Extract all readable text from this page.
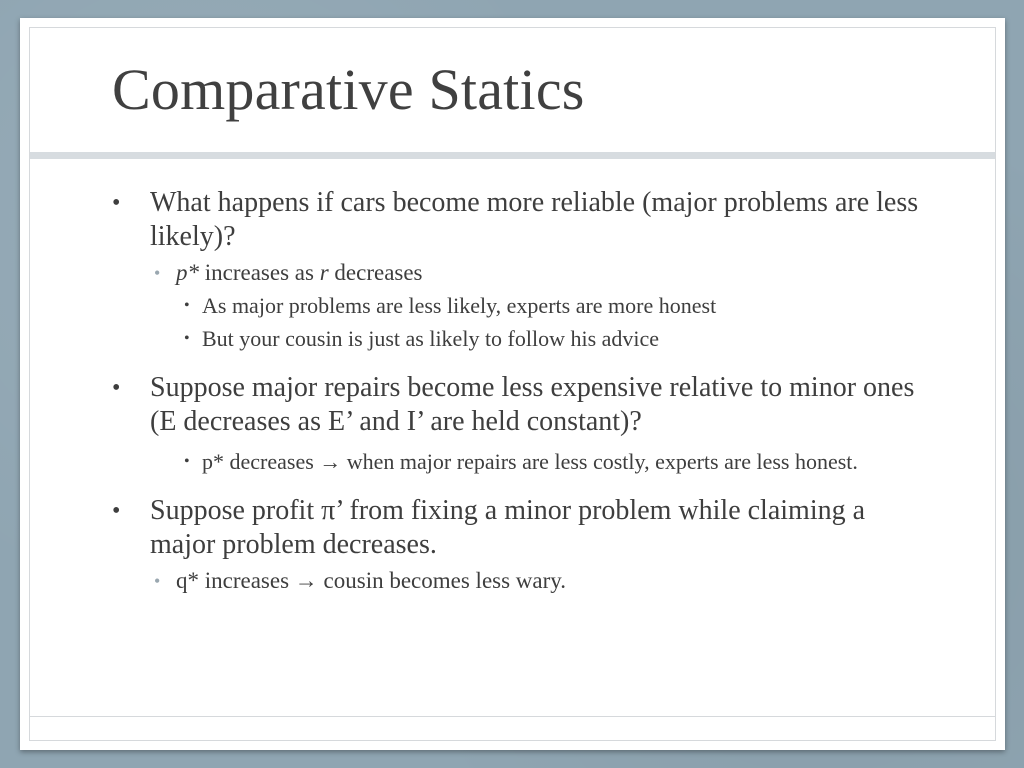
Comparative Statics
• What happens if cars become more reliable (major problems are less likely)?
• p* increases as r decreases
• As major problems are less likely, experts are more honest
• But your cousin is just as likely to follow his advice
• Suppose major repairs become less expensive relative to minor ones (E decreases as E’ and I’ are held constant)?
• p* decreases → when major repairs are less costly, experts are less honest.
• Suppose profit π’ from fixing a minor problem while claiming a major problem decreases.
• q* increases → cousin becomes less wary.
